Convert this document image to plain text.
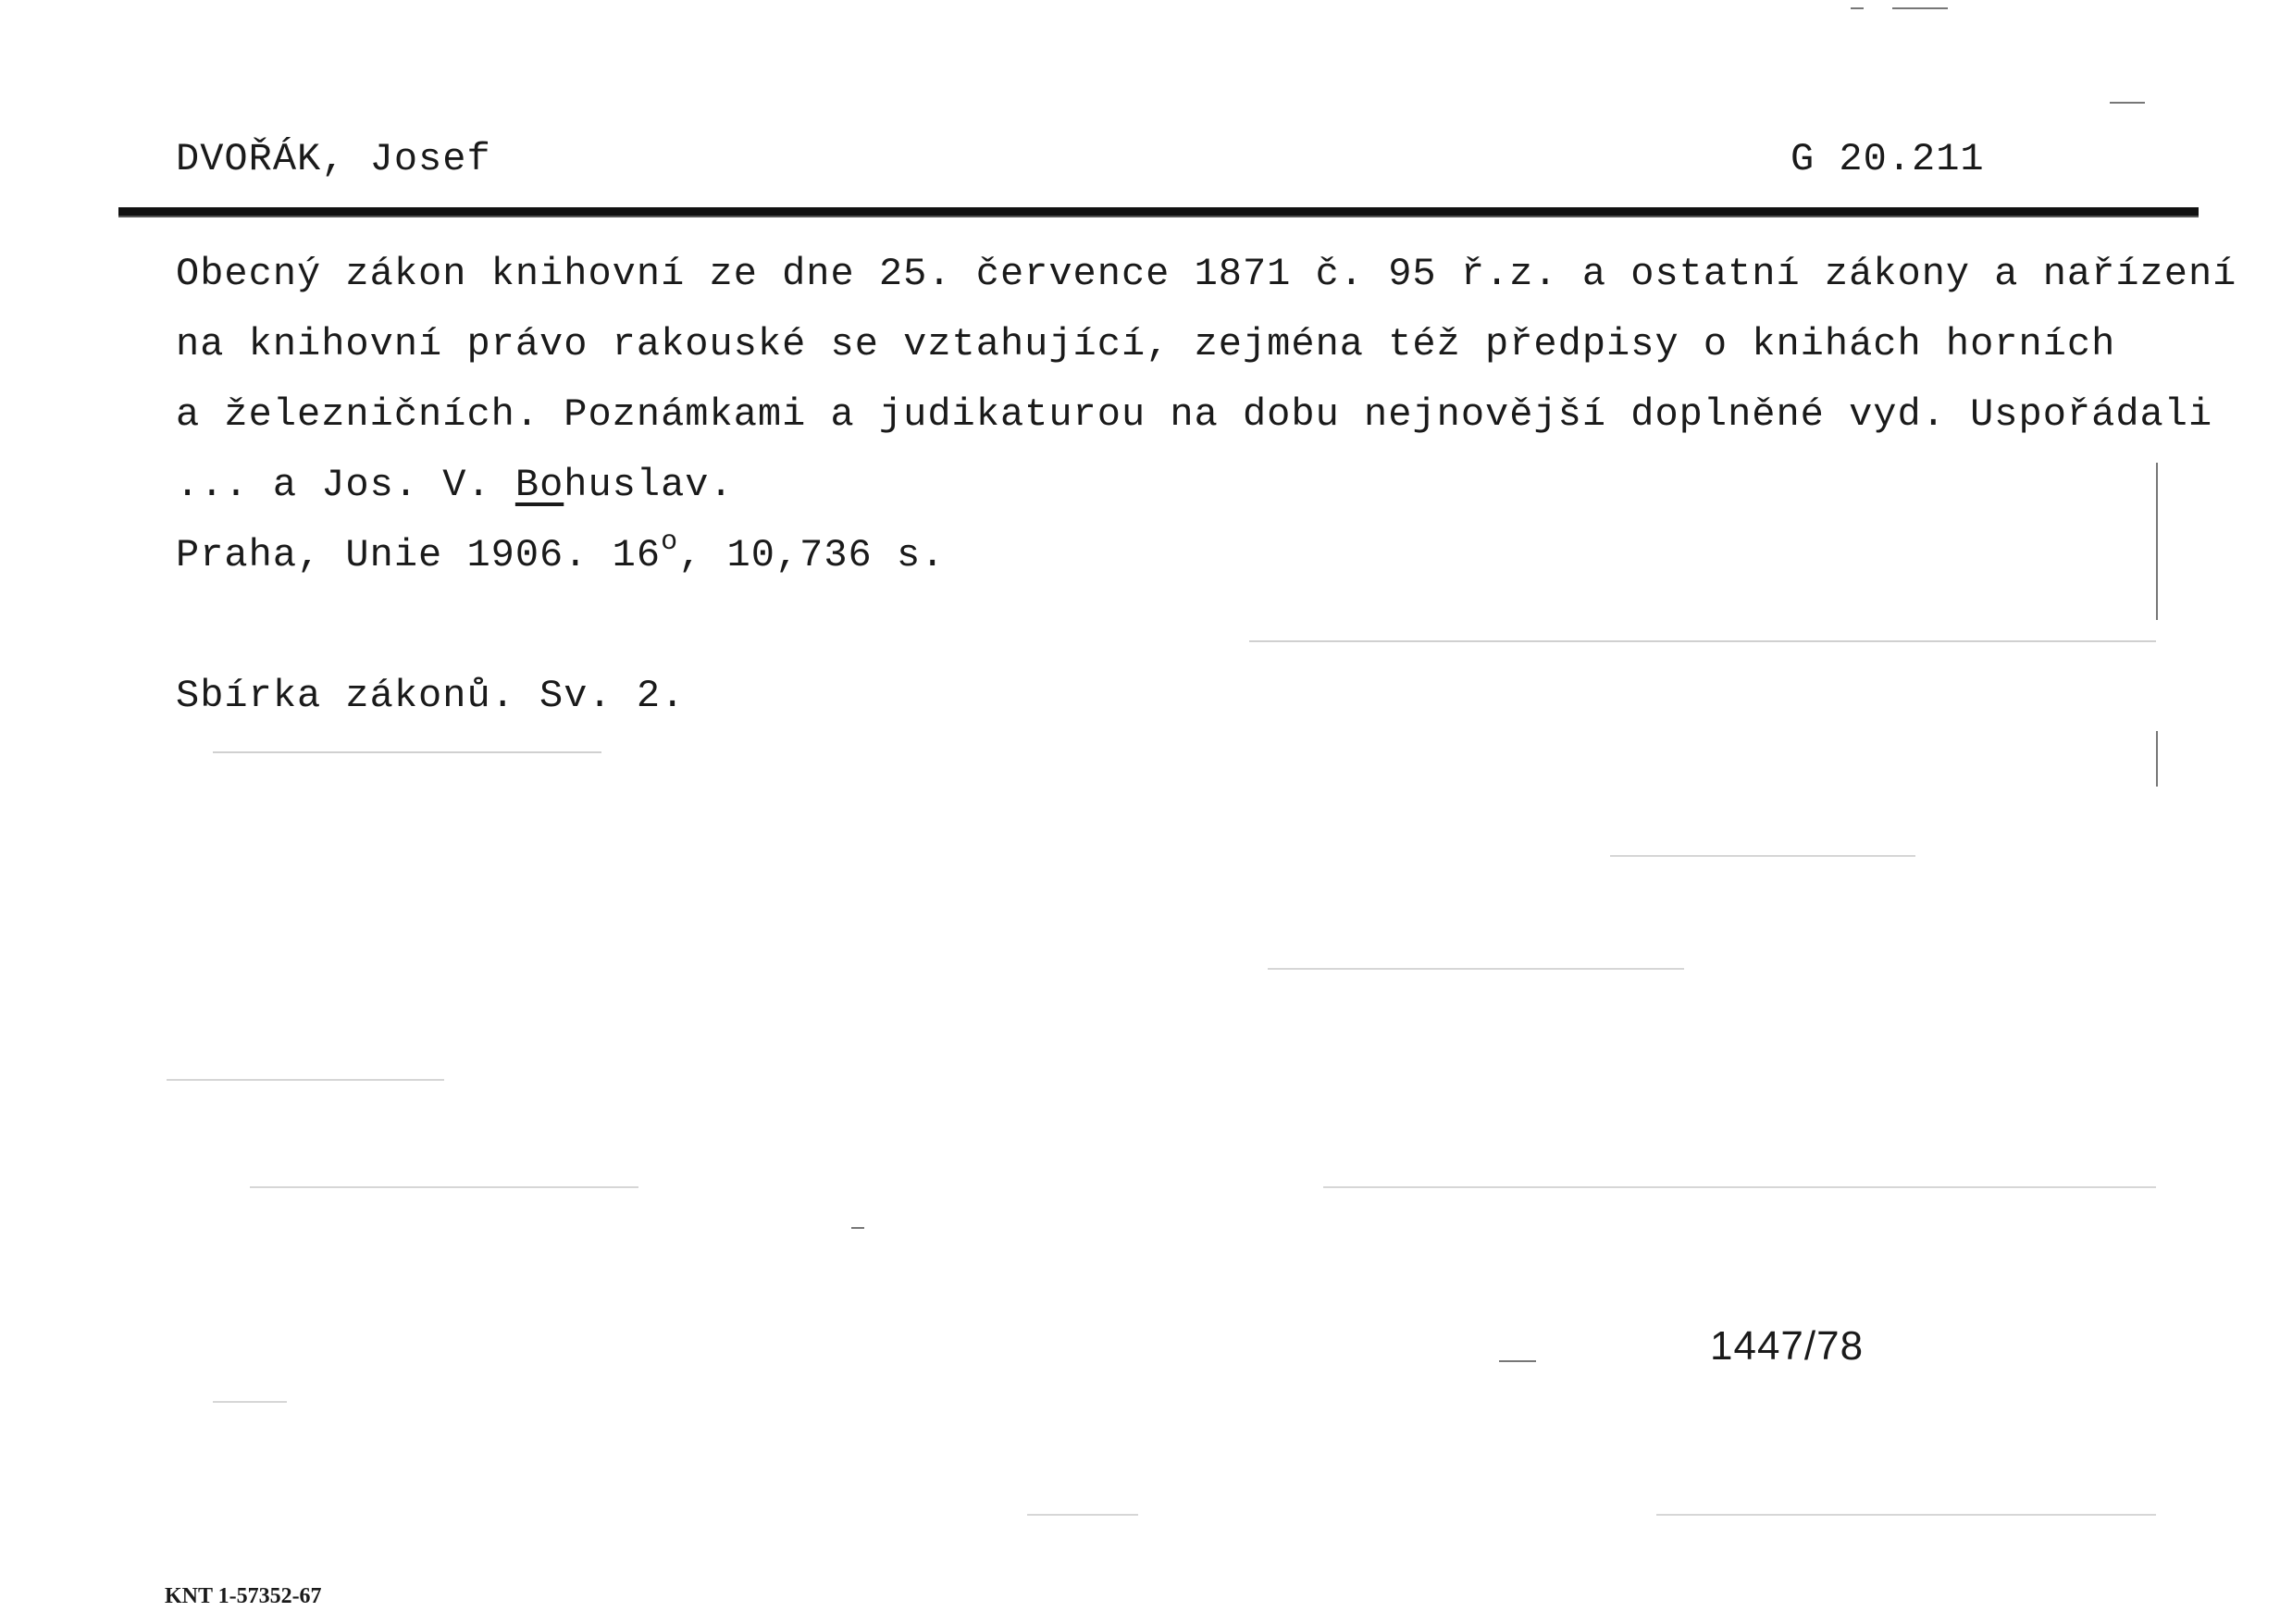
DVOŘÁK, Josef	G 20.211
Obecný zákon knihovní ze dne 25. července 1871 č. 95 ř.z. a ostatní zákony a nařízení
na knihovní právo rakouské se vztahující, zejména též předpisy o knihách horních
a železničních. Poznámkami a judikaturou na dobu nejnovější doplněné vyd. Uspořádali
... a Jos. V. Bohuslav.
Praha, Unie 1906. 16$^o$, 10,736 s.
Sbírka zákonů. Sv. 2.
1447/78
KNT 1-57352-67
